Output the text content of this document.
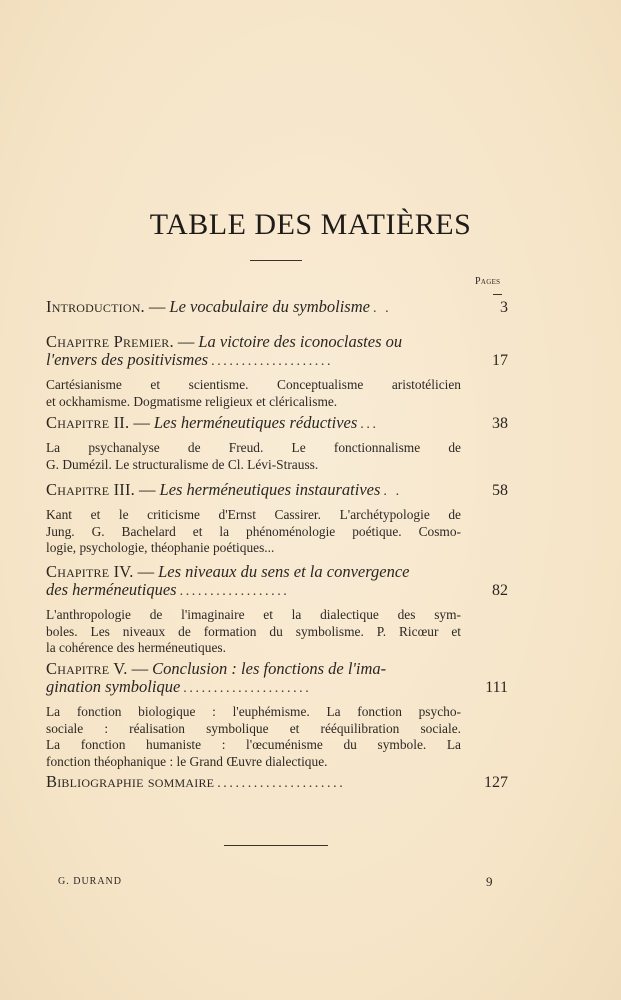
TABLE DES MATIÈRES
Pages
Introduction. — Le vocabulaire du symbolisme . .	3
Chapitre Premier. — La victoire des iconoclastes ou
l'envers des positivismes ....................	17
Cartésianisme et scientisme. Conceptualisme aristotélicien
et ockhamisme. Dogmatisme religieux et cléricalisme.
Chapitre II. — Les herméneutiques réductives ...	38
La psychanalyse de Freud. Le fonctionnalisme de
G. Dumézil. Le structuralisme de Cl. Lévi-Strauss.
Chapitre III. — Les herméneutiques instauratives . .	58
Kant et le criticisme d'Ernst Cassirer. L'archétypologie de
Jung. G. Bachelard et la phénoménologie poétique. Cosmo-
logie, psychologie, théophanie poétiques...
Chapitre IV. — Les niveaux du sens et la convergence
des herméneutiques ..................	82
L'anthropologie de l'imaginaire et la dialectique des sym-
boles. Les niveaux de formation du symbolisme. P. Ricœur et
la cohérence des herméneutiques.
Chapitre V. — Conclusion : les fonctions de l'ima-
gination symbolique .....................	111
La fonction biologique : l'euphémisme. La fonction psycho-
sociale : réalisation symbolique et rééquilibration sociale.
La fonction humaniste : l'œcuménisme du symbole. La
fonction théophanique : le Grand Œuvre dialectique.
Bibliographie sommaire .....................	127
G. DURAND	9
